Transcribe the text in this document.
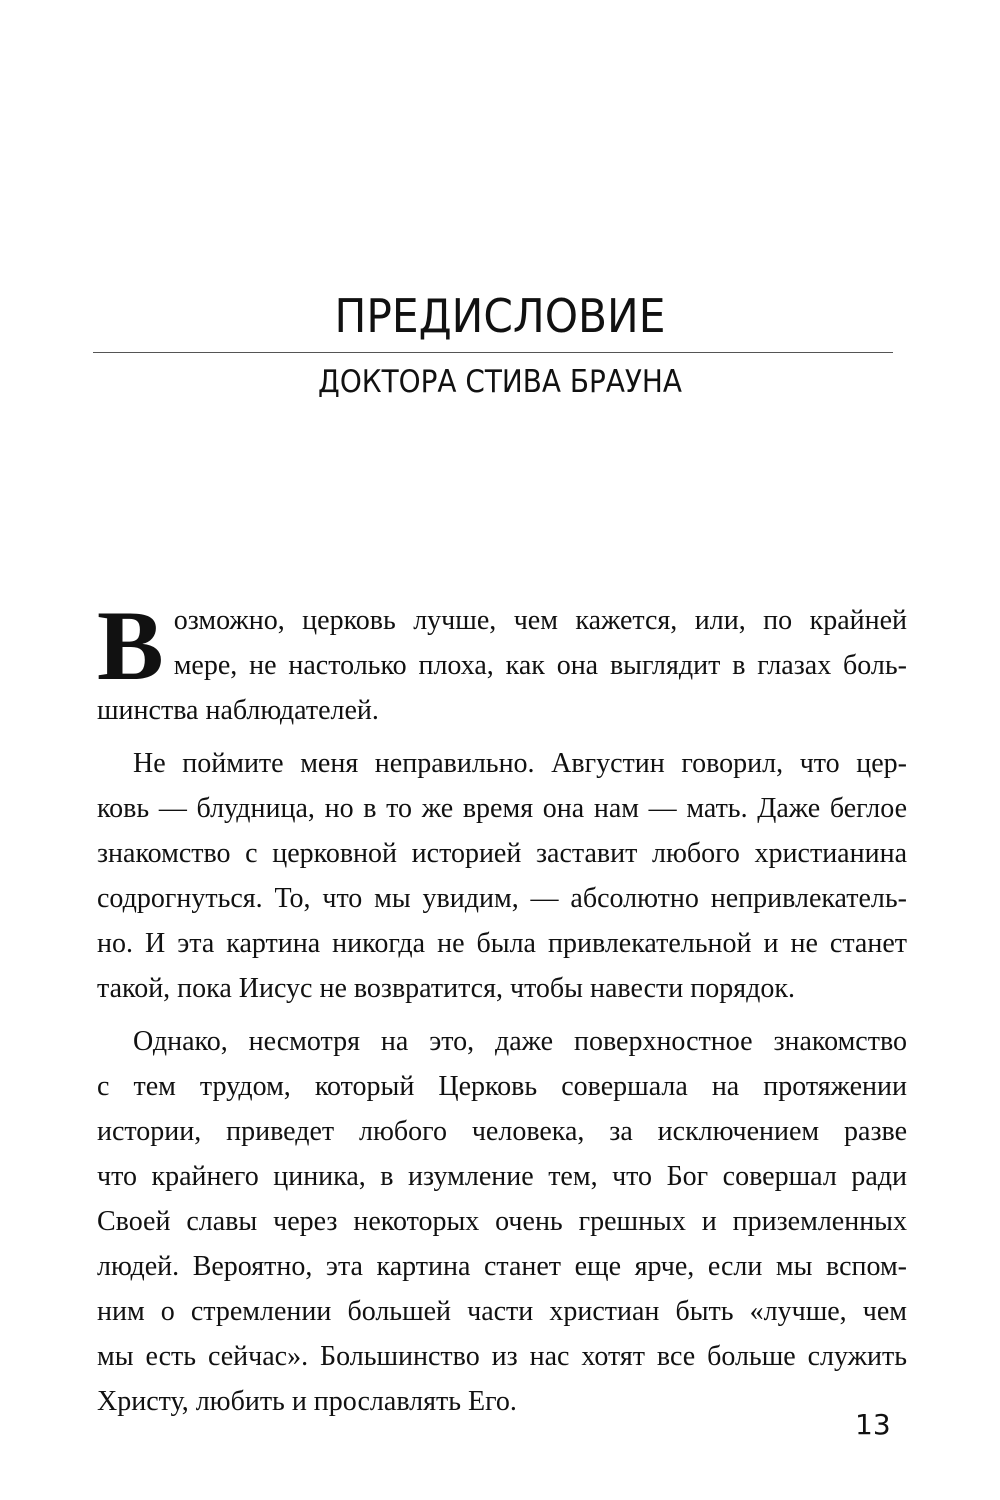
ПРЕДИСЛОВИЕ
ДОКТОРА СТИВА БРАУНА
В озможно, церковь лучше, чем кажется, или, по крайней
мере, не настолько плоха, как она выглядит в глазах боль-
шинства наблюдателей.
Не поймите меня неправильно. Августин говорил, что цер-
ковь — блудница, но в то же время она нам — мать. Даже беглое
знакомство с церковной историей заставит любого христианина
содрогнуться. То, что мы увидим, — абсолютно непривлекатель-
но. И эта картина никогда не была привлекательной и не станет
такой, пока Иисус не возвратится, чтобы навести порядок.
Однако, несмотря на это, даже поверхностное знакомство
с тем трудом, который Церковь совершала на протяжении
истории, приведет любого человека, за исключением разве
что крайнего циника, в изумление тем, что Бог совершал ради
Своей славы через некоторых очень грешных и приземленных
людей. Вероятно, эта картина станет еще ярче, если мы вспом-
ним о стремлении большей части христиан быть «лучше, чем
мы есть сейчас». Большинство из нас хотят все больше служить
Христу, любить и прославлять Его.
13
